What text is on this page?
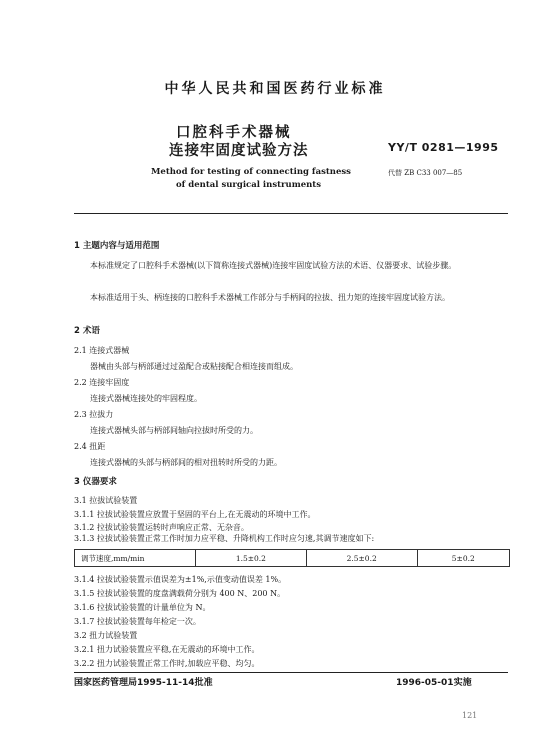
中华人民共和国医药行业标准
口腔科手术器械
连接牢固度试验方法	YY/T 0281—1995
Method for testing of connecting fastness
of dental surgical instruments
代替 ZB C33 007—85
1 主题内容与适用范围
本标准规定了口腔科手术器械(以下简称连接式器械)连接牢固度试验方法的术语、仪器要求、试验步骤。
本标准适用于头、柄连接的口腔科手术器械工作部分与手柄间的拉拔、扭力矩的连接牢固度试验方法。
2 术语
2.1 连接式器械
器械由头部与柄部通过过盈配合或粘接配合相连接而组成。
2.2 连接牢固度
连接式器械连接处的牢固程度。
2.3 拉拔力
连接式器械头部与柄部间轴向拉拔时所受的力。
2.4 扭距
连接式器械的头部与柄部间的相对扭转时所受的力距。
3 仪器要求
3.1 拉拔试验装置
3.1.1 拉拔试验装置应放置于坚固的平台上,在无震动的环境中工作。
3.1.2 拉拔试验装置运转时声响应正常、无杂音。
3.1.3 拉拔试验装置正常工作时加力应平稳、升降机构工作时应匀速,其调节速度如下:
调节速度,mm/min	1.5±0.2	2.5±0.2	5±0.2
3.1.4 拉拔试验装置示值误差为±1%,示值变动值误差 1%。
3.1.5 拉拔试验装置的度盘满载荷分别为 400 N、200 N。
3.1.6 拉拔试验装置的计量单位为 N。
3.1.7 拉拔试验装置每年检定一次。
3.2 扭力试验装置
3.2.1 扭力试验装置应平稳,在无震动的环境中工作。
3.2.2 扭力试验装置正常工作时,加载应平稳、均匀。
国家医药管理局1995-11-14批准	1996-05-01实施
121
